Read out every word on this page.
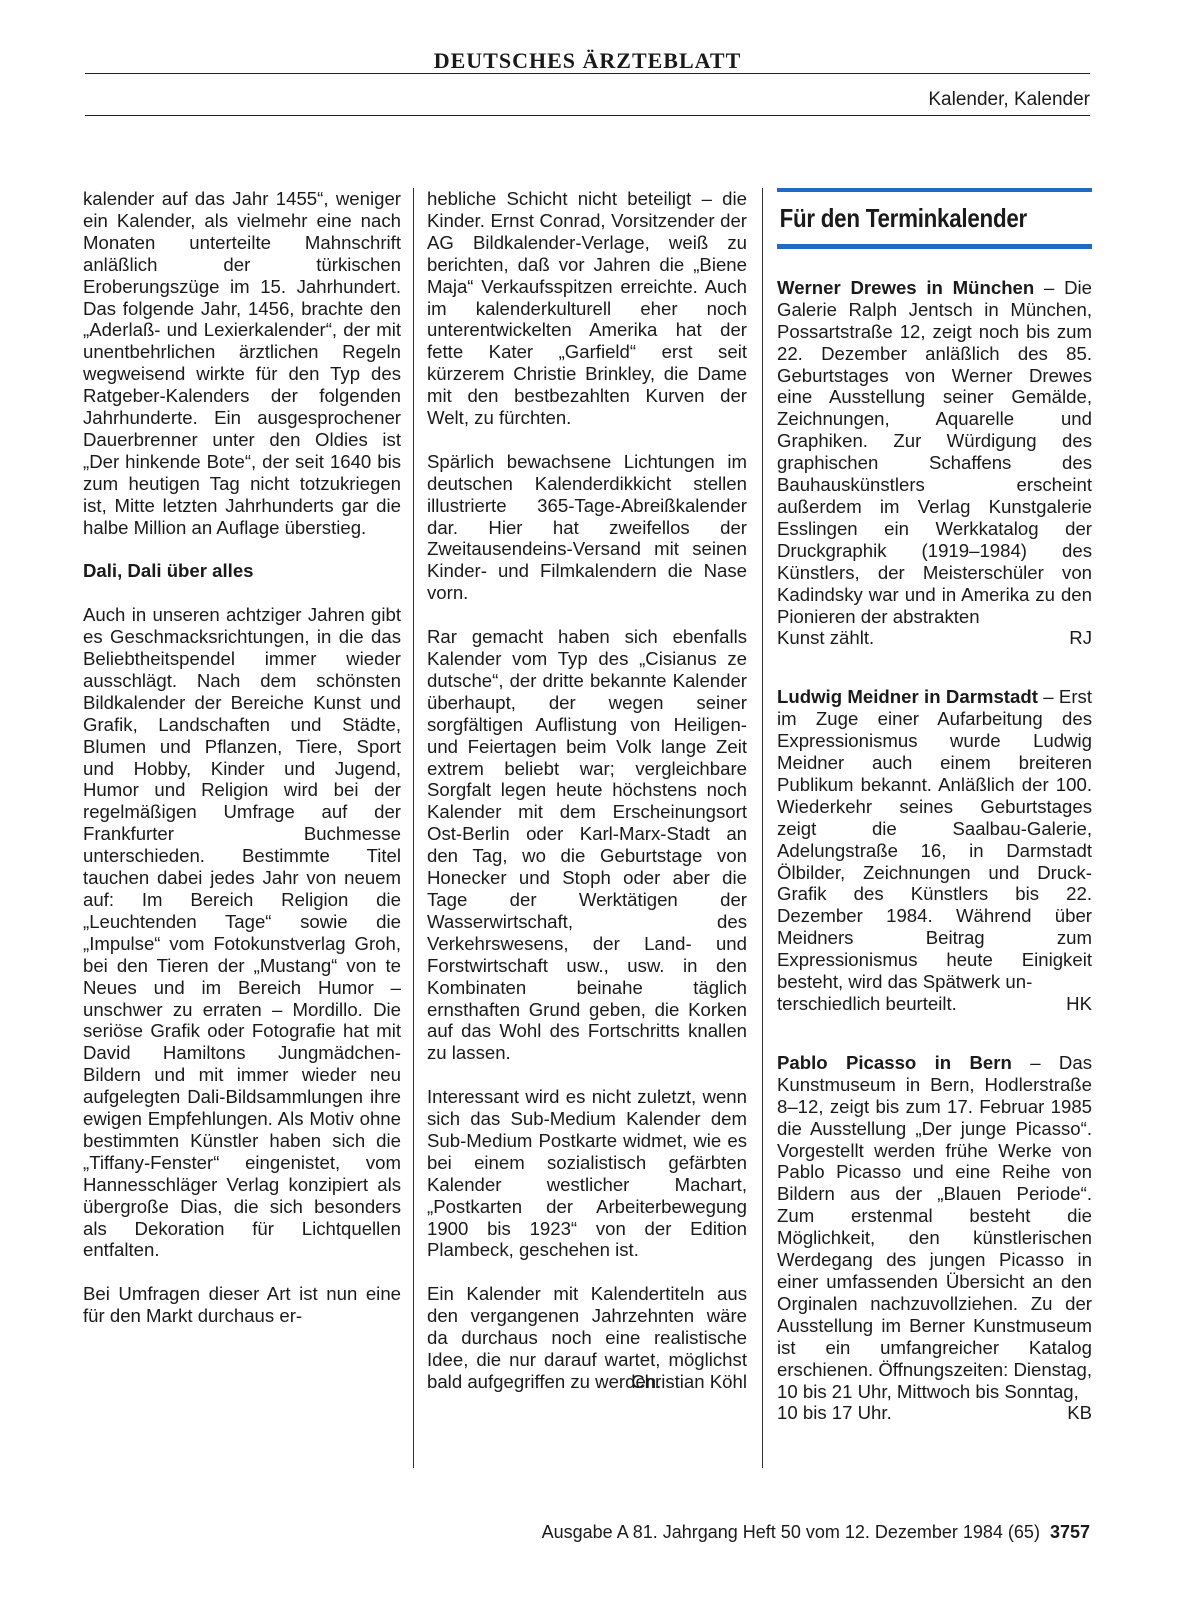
DEUTSCHES ÄRZTEBLATT
Kalender, Kalender

kalender auf das Jahr 1455“, weniger ein Kalender, als vielmehr eine nach Monaten unterteilte Mahnschrift anläßlich der türkischen Eroberungszüge im 15. Jahrhundert. Das folgende Jahr, 1456, brachte den „Aderlaß- und Lexierkalender“, der mit unentbehrlichen ärztlichen Regeln wegweisend wirkte für den Typ des Ratgeber-Kalenders der folgenden Jahrhunderte. Ein ausgesprochener Dauerbrenner unter den Oldies ist „Der hinkende Bote“, der seit 1640 bis zum heutigen Tag nicht totzukriegen ist, Mitte letzten Jahrhunderts gar die halbe Million an Auflage überstieg.

Dali, Dali über alles

Auch in unseren achtziger Jahren gibt es Geschmacksrichtungen, in die das Beliebtheitspendel immer wieder ausschlägt. Nach dem schönsten Bildkalender der Bereiche Kunst und Grafik, Landschaften und Städte, Blumen und Pflanzen, Tiere, Sport und Hobby, Kinder und Jugend, Humor und Religion wird bei der regelmäßigen Umfrage auf der Frankfurter Buchmesse unterschieden. Bestimmte Titel tauchen dabei jedes Jahr von neuem auf: Im Bereich Religion die „Leuchtenden Tage“ sowie die „Impulse“ vom Fotokunstverlag Groh, bei den Tieren der „Mustang“ von te Neues und im Bereich Humor – unschwer zu erraten – Mordillo. Die seriöse Grafik oder Fotografie hat mit David Hamiltons Jungmädchen-Bildern und mit immer wieder neu aufgelegten Dali-Bildsammlungen ihre ewigen Empfehlungen. Als Motiv ohne bestimmten Künstler haben sich die „Tiffany-Fenster“ eingenistet, vom Hannesschläger Verlag konzipiert als übergroße Dias, die sich besonders als Dekoration für Lichtquellen entfalten.

Bei Umfragen dieser Art ist nun eine für den Markt durchaus er-

hebliche Schicht nicht beteiligt – die Kinder. Ernst Conrad, Vorsitzender der AG Bildkalender-Verlage, weiß zu berichten, daß vor Jahren die „Biene Maja“ Verkaufsspitzen erreichte. Auch im kalenderkulturell eher noch unterentwickelten Amerika hat der fette Kater „Garfield“ erst seit kürzerem Christie Brinkley, die Dame mit den bestbezahlten Kurven der Welt, zu fürchten.

Spärlich bewachsene Lichtungen im deutschen Kalenderdikkicht stellen illustrierte 365-Tage-Abreißkalender dar. Hier hat zweifellos der Zweitausendeins-Versand mit seinen Kinder- und Filmkalendern die Nase vorn.

Rar gemacht haben sich ebenfalls Kalender vom Typ des „Cisianus ze dutsche“, der dritte bekannte Kalender überhaupt, der wegen seiner sorgfältigen Auflistung von Heiligen- und Feiertagen beim Volk lange Zeit extrem beliebt war; vergleichbare Sorgfalt legen heute höchstens noch Kalender mit dem Erscheinungsort Ost-Berlin oder Karl-Marx-Stadt an den Tag, wo die Geburtstage von Honecker und Stoph oder aber die Tage der Werktätigen der Wasserwirtschaft, des Verkehrswesens, der Land- und Forstwirtschaft usw., usw. in den Kombinaten beinahe täglich ernsthaften Grund geben, die Korken auf das Wohl des Fortschritts knallen zu lassen.

Interessant wird es nicht zuletzt, wenn sich das Sub-Medium Kalender dem Sub-Medium Postkarte widmet, wie es bei einem sozialistisch gefärbten Kalender westlicher Machart, „Postkarten der Arbeiterbewegung 1900 bis 1923“ von der Edition Plambeck, geschehen ist.

Ein Kalender mit Kalendertiteln aus den vergangenen Jahrzehnten wäre da durchaus noch eine realistische Idee, die nur darauf wartet, möglichst bald aufgegriffen zu werden.

Christian Köhl
Für den Terminkalender

Werner Drewes in München – Die Galerie Ralph Jentsch in München, Possartstraße 12, zeigt noch bis zum 22. Dezember anläßlich des 85. Geburtstages von Werner Drewes eine Ausstellung seiner Gemälde, Zeichnungen, Aquarelle und Graphiken. Zur Würdigung des graphischen Schaffens des Bauhauskünstlers erscheint außerdem im Verlag Kunstgalerie Esslingen ein Werkkatalog der Druckgraphik (1919–1984) des Künstlers, der Meisterschüler von Kadindsky war und in Amerika zu den Pionieren der abstrakten

Kunst zählt.	RJ

Ludwig Meidner in Darmstadt – Erst im Zuge einer Aufarbeitung des Expressionismus wurde Ludwig Meidner auch einem breiteren Publikum bekannt. Anläßlich der 100. Wiederkehr seines Geburtstages zeigt die Saalbau-Galerie, Adelungstraße 16, in Darmstadt Ölbilder, Zeichnungen und Druck-Grafik des Künstlers bis 22. Dezember 1984. Während über Meidners Beitrag zum Expressionismus heute Einigkeit besteht, wird das Spätwerk un-

terschiedlich beurteilt.	HK

Pablo Picasso in Bern – Das Kunstmuseum in Bern, Hodlerstraße 8–12, zeigt bis zum 17. Februar 1985 die Ausstellung „Der junge Picasso“. Vorgestellt werden frühe Werke von Pablo Picasso und eine Reihe von Bildern aus der „Blauen Periode“. Zum erstenmal besteht die Möglichkeit, den künstlerischen Werdegang des jungen Picasso in einer umfassenden Übersicht an den Orginalen nachzuvollziehen. Zu der Ausstellung im Berner Kunstmuseum ist ein umfangreicher Katalog erschienen. Öffnungszeiten: Dienstag, 10 bis 21 Uhr, Mittwoch bis Sonntag,

10 bis 17 Uhr.	KB
Ausgabe A 81. Jahrgang Heft 50 vom 12. Dezember 1984 (65) 3757
